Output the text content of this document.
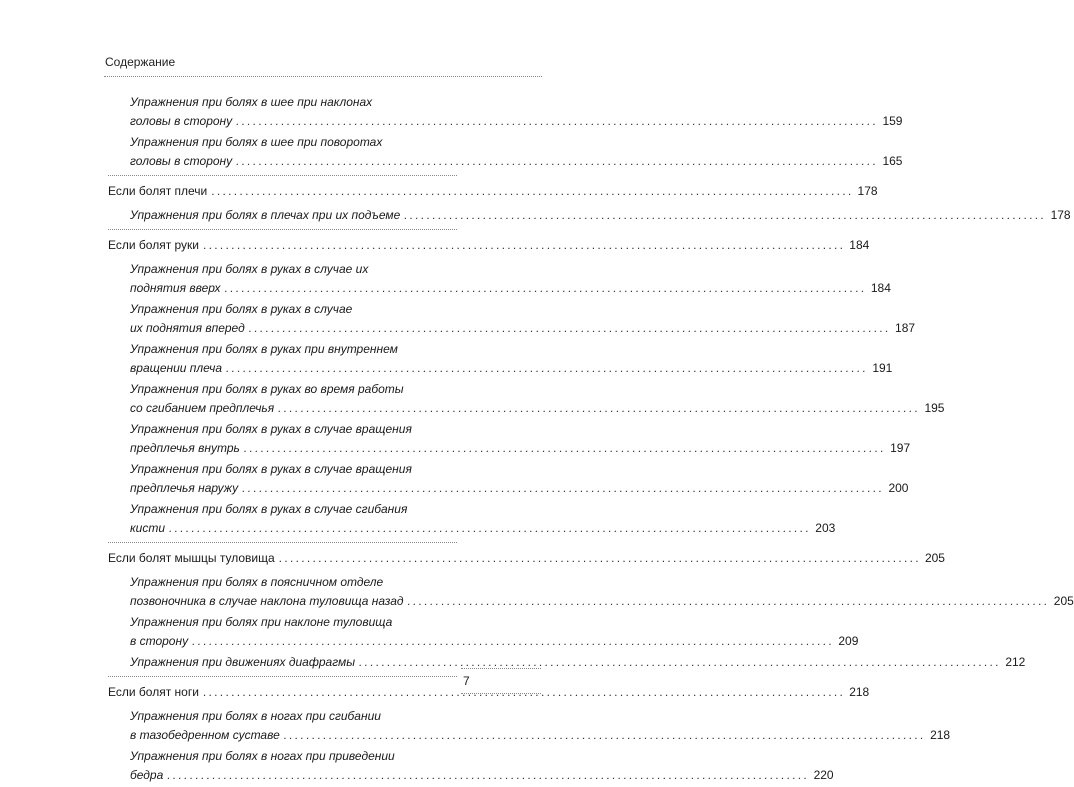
Содержание
Упражнения при болях в шее при наклонах
головы в сторону .................................................................................................................. 159
Упражнения при болях в шее при поворотах
головы в сторону .................................................................................................................. 165
Если болят плечи .................................................................................................................. 178
Упражнения при болях в плечах при их подъеме .................................................................................................................. 178
Если болят руки .................................................................................................................. 184
Упражнения при болях в руках в случае их
поднятия вверх .................................................................................................................. 184
Упражнения при болях в руках в случае
их поднятия вперед .................................................................................................................. 187
Упражнения при болях в руках при внутреннем
вращении плеча .................................................................................................................. 191
Упражнения при болях в руках во время работы
со сгибанием предплечья .................................................................................................................. 195
Упражнения при болях в руках в случае вращения
предплечья внутрь .................................................................................................................. 197
Упражнения при болях в руках в случае вращения
предплечья наружу .................................................................................................................. 200
Упражнения при болях в руках в случае сгибания
кисти .................................................................................................................. 203
Если болят мышцы туловища .................................................................................................................. 205
Упражнения при болях в поясничном отделе
позвоночника в случае наклона туловища назад .................................................................................................................. 205
Упражнения при болях при наклоне туловища
в сторону .................................................................................................................. 209
Упражнения при движениях диафрагмы .................................................................................................................. 212
Если болят ноги .................................................................................................................. 218
Упражнения при болях в ногах при сгибании
в тазобедренном суставе .................................................................................................................. 218
Упражнения при болях в ногах при приведении
бедра .................................................................................................................. 220
7
